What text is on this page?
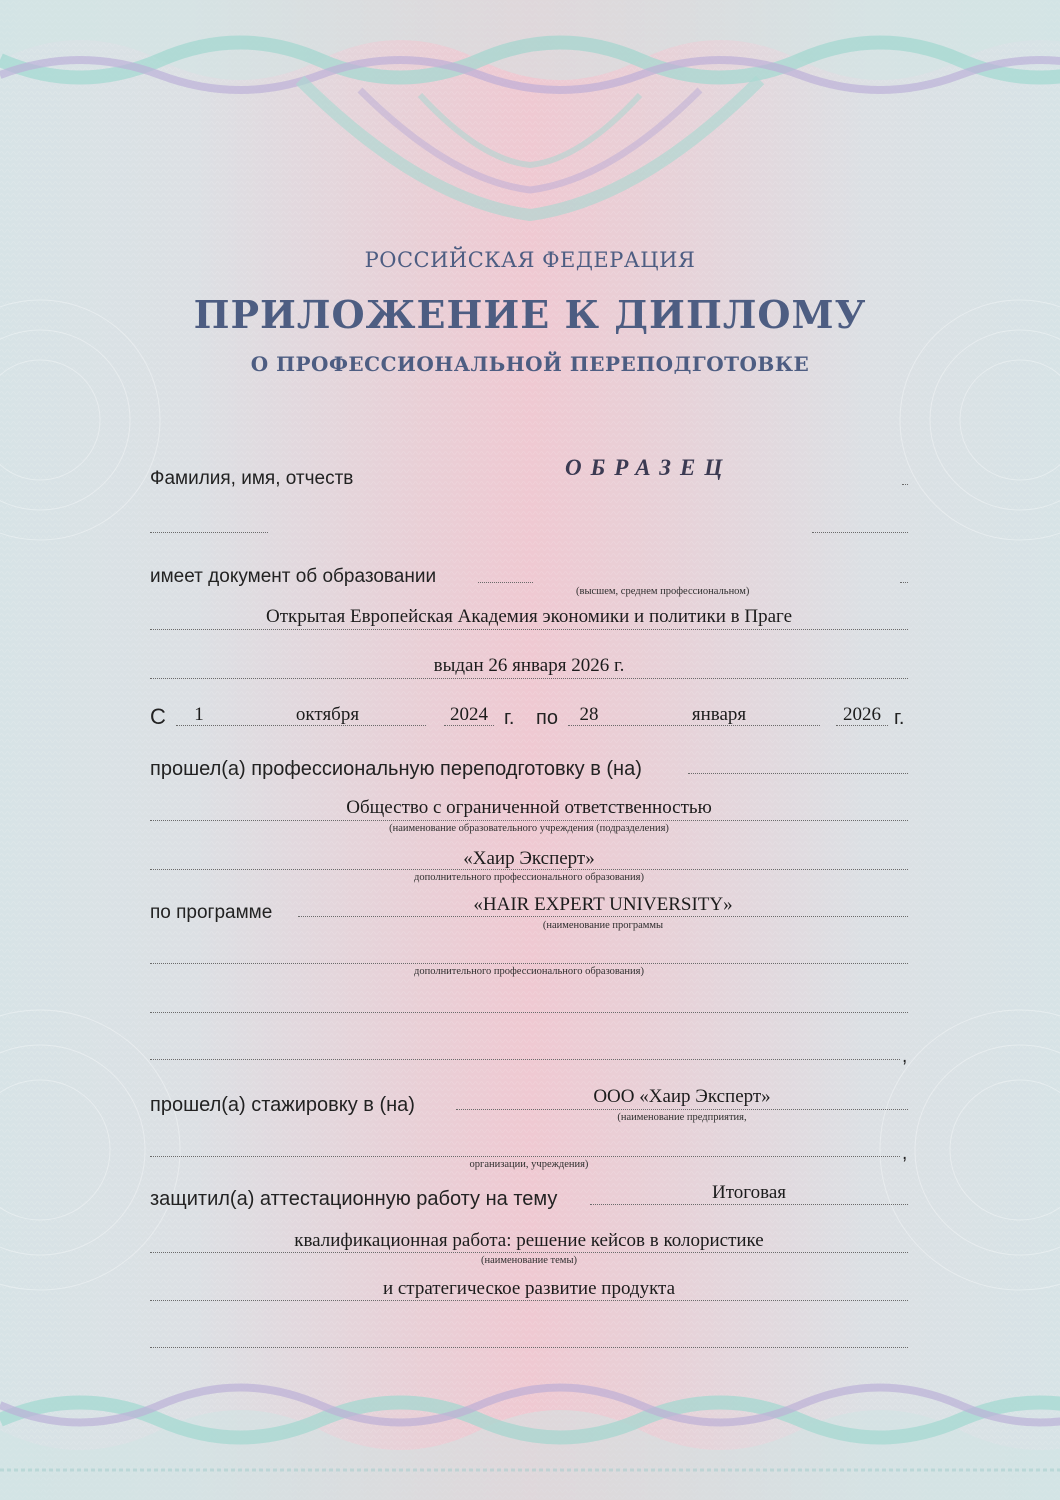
РОССИЙСКАЯ ФЕДЕРАЦИЯ
ПРИЛОЖЕНИЕ К ДИПЛОМУ
О ПРОФЕССИОНАЛЬНОЙ ПЕРЕПОДГОТОВКЕ
Фамилия, имя, отчеств	ОБРАЗЕЦ
имеет документ об образовании
(высшем, среднем профессиональном)
Открытая Европейская Академия экономики и политики в Праге
выдан 26 января 2026 г.
С	1	октября	2024 г. по 28	января	2026 г.
прошел(а) профессиональную переподготовку в (на)
Общество с ограниченной ответственностью
(наименование образовательного учреждения (подразделения)
«Хаир Эксперт»
дополнительного профессионального образования)
по программе	«HAIR EXPERT UNIVERSITY»
(наименование программы
дополнительного профессионального образования)
,
прошел(а) стажировку в (на)	ООО «Хаир Эксперт»
(наименование предприятия,
,
организации, учреждения)
защитил(а) аттестационную работу на тему	Итоговая
квалификационная работа: решение кейсов в колористике
(наименование темы)
и стратегическое развитие продукта
